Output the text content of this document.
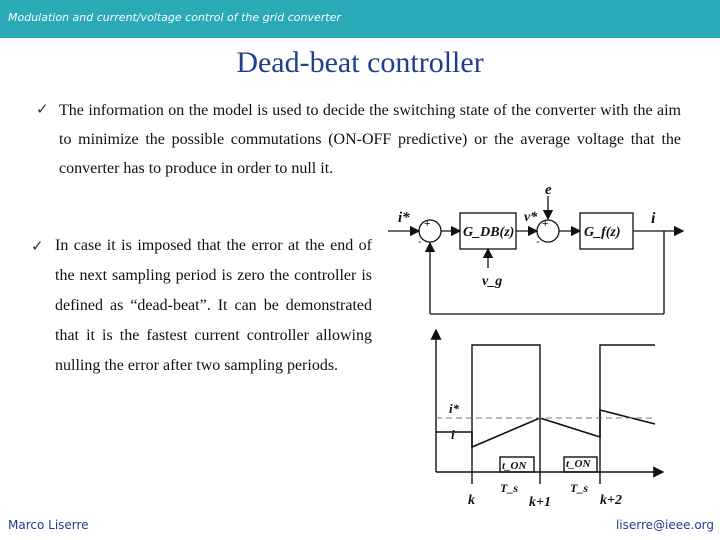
Modulation and current/voltage control of the grid converter
Dead-beat controller
✓ The information on the model is used to decide the switching state of the converter with the aim to minimize the possible commutations (ON-OFF predictive) or the average voltage that the converter has to produce in order to null it.
✓ In case it is imposed that the error at the end of the next sampling period is zero the controller is defined as “dead-beat”. It can be demonstrated that it is the fastest current controller allowing nulling the error after two sampling periods.
i*
G_DB(z)	G_f(z)
v*
e
v_g
i
+
-
+
-
i*
i
t_ON	t_ON
T_s	T_s
k	k+1	k+2
Marco Liserre	liserre@ieee.org
